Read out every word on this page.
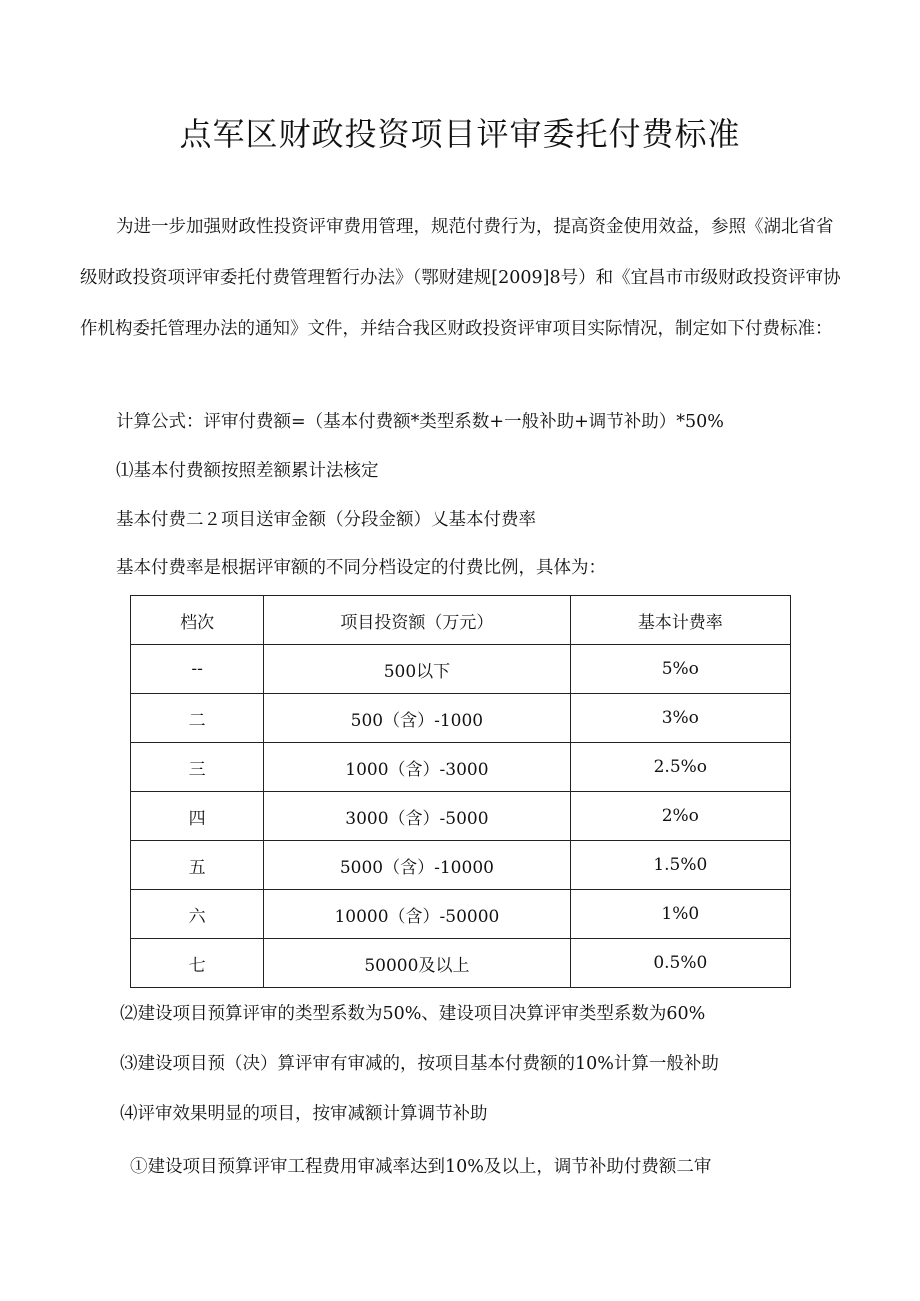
点军区财政投资项目评审委托付费标准
为进一步加强财政性投资评审费用管理，规范付费行为，提高资金使用效益，参照《湖北省省级财政投资项评审委托付费管理暂行办法》（鄂财建规[2009]8号）和《宜昌市市级财政投资评审协作机构委托管理办法的通知》文件，并结合我区财政投资评审项目实际情况，制定如下付费标准：
计算公式：评审付费额=（基本付费额*类型系数+一般补助+调节补助）*50%
⑴基本付费额按照差额累计法核定
基本付费二２项目送审金额（分段金额）乂基本付费率
基本付费率是根据评审额的不同分档设定的付费比例，具体为：
档次	项目投资额（万元）	基本计费率
--	500以下	5%o
二	500（含）-1000	3%o
三	1000（含）-3000	2.5%o
四	3000（含）-5000	2%o
五	5000（含）-10000	1.5%0
六	10000（含）-50000	1%0
七	50000及以上	0.5%0
⑵建设项目预算评审的类型系数为50%、建设项目决算评审类型系数为60%
⑶建设项目预（决）算评审有审减的，按项目基本付费额的10%计算一般补助
⑷评审效果明显的项目，按审减额计算调节补助
①建设项目预算评审工程费用审减率达到10%及以上，调节补助付费额二审
